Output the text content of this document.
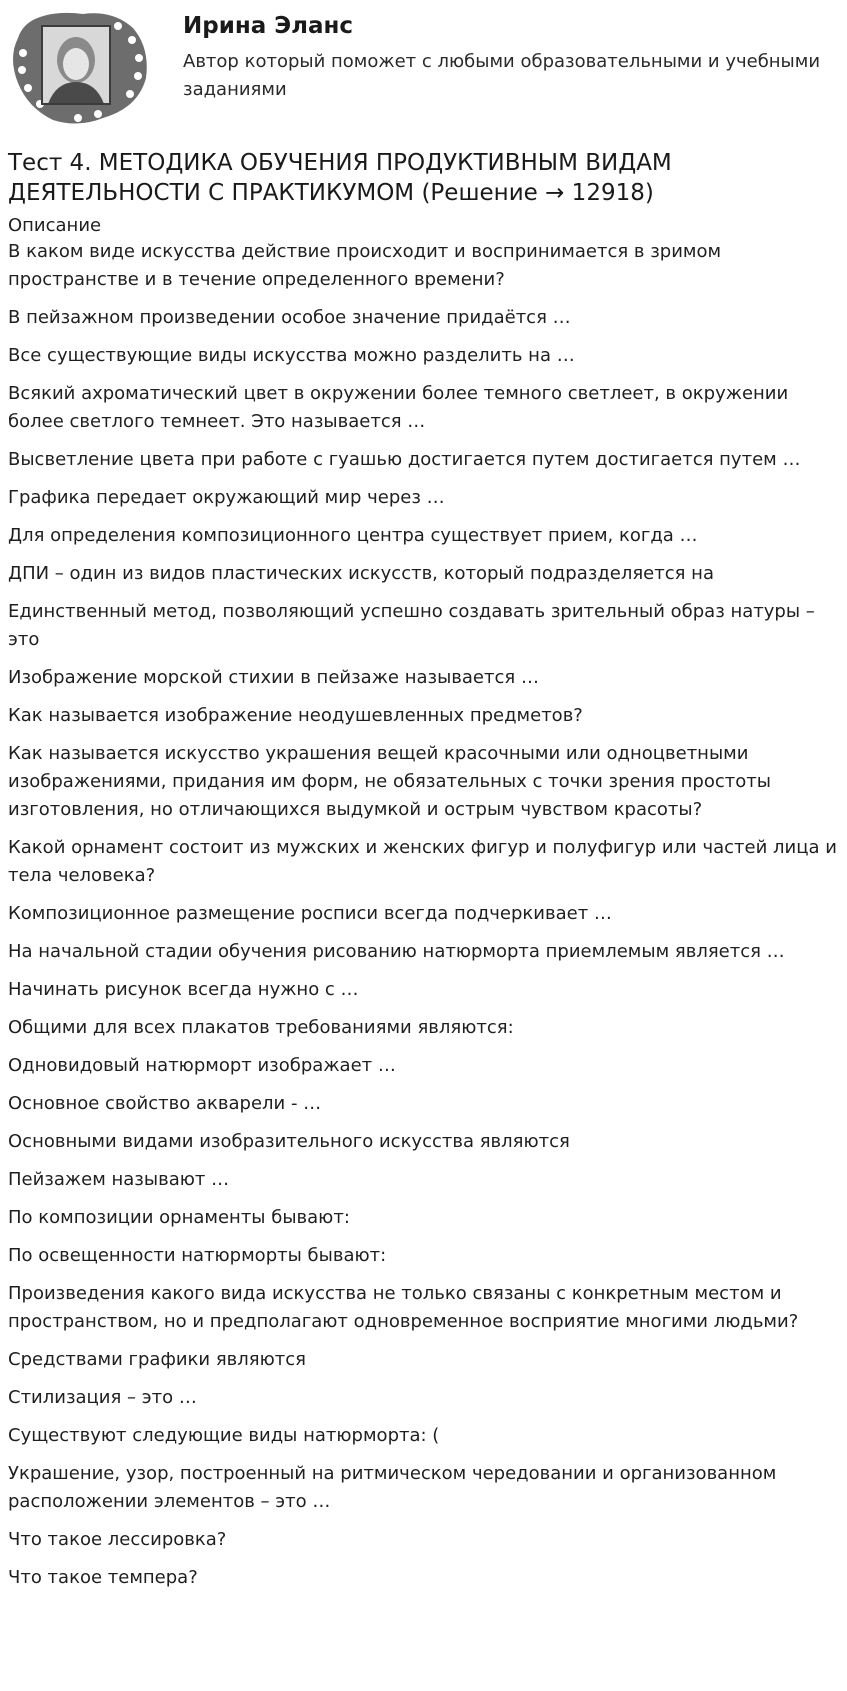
Ирина Эланс
Автор который поможет с любыми образовательными и учебными заданиями
Тест 4. МЕТОДИКА ОБУЧЕНИЯ ПРОДУКТИВНЫМ ВИДАМ ДЕЯТЕЛЬНОСТИ С ПРАКТИКУМОМ (Решение → 12918)
Описание
В каком виде искусства действие происходит и воспринимается в зримом пространстве и в течение определенного времени?
В пейзажном произведении особое значение придаётся …
Все существующие виды искусства можно разделить на …
Всякий ахроматический цвет в окружении более темного светлеет, в окружении более светлого темнеет. Это называется …
Высветление цвета при работе с гуашью достигается путем достигается путем …
Графика передает окружающий мир через …
Для определения композиционного центра существует прием, когда …
ДПИ – один из видов пластических искусств, который подразделяется на
Единственный метод, позволяющий успешно создавать зрительный образ натуры – это
Изображение морской стихии в пейзаже называется …
Как называется изображение неодушевленных предметов?
Как называется искусство украшения вещей красочными или одноцветными изображениями, придания им форм, не обязательных с точки зрения простоты изготовления, но отличающихся выдумкой и острым чувством красоты?
Какой орнамент состоит из мужских и женских фигур и полуфигур или частей лица и тела человека?
Композиционное размещение росписи всегда подчеркивает …
На начальной стадии обучения рисованию натюрморта приемлемым является …
Начинать рисунок всегда нужно с …
Общими для всех плакатов требованиями являются:
Одновидовый натюрморт изображает …
Основное свойство акварели - …
Основными видами изобразительного искусства являются
Пейзажем называют …
По композиции орнаменты бывают:
По освещенности натюрморты бывают:
Произведения какого вида искусства не только связаны с конкретным местом и пространством, но и предполагают одновременное восприятие многими людьми?
Средствами графики являются
Стилизация – это …
Существуют следующие виды натюрморта: (
Украшение, узор, построенный на ритмическом чередовании и организованном расположении элементов – это …
Что такое лессировка?
Что такое темпера?
